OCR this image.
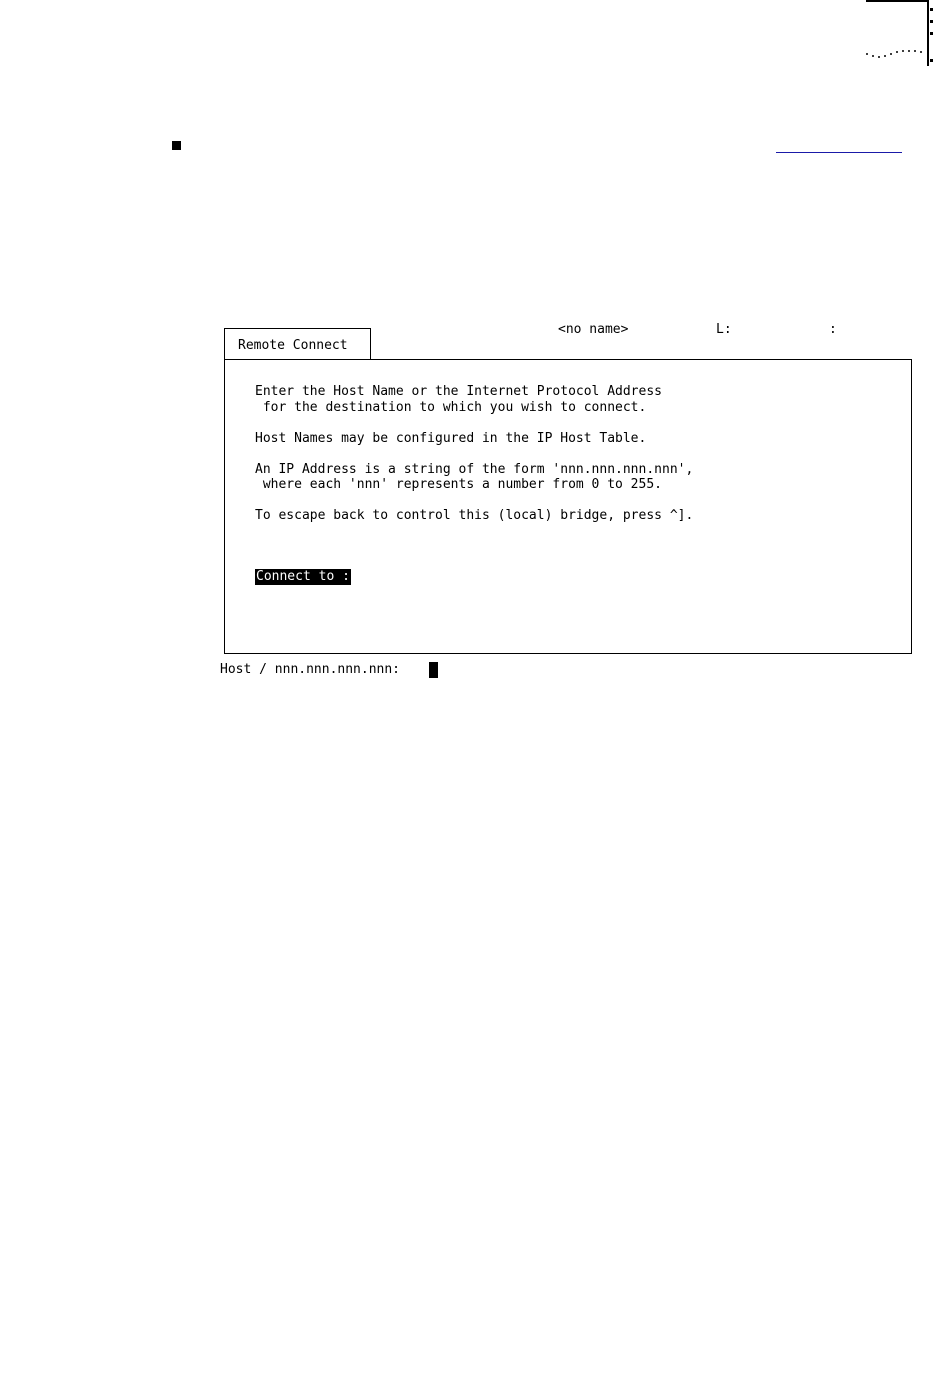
<no name>	L:	:
Remote Connect
Enter the Host Name or the Internet Protocol Address
for the destination to which you wish to connect.
Host Names may be configured in the IP Host Table.
An IP Address is a string of the form 'nnn.nnn.nnn.nnn',
where each 'nnn' represents a number from 0 to 255.
To escape back to control this (local) bridge, press ^].
Connect to :
Host / nnn.nnn.nnn.nnn:
